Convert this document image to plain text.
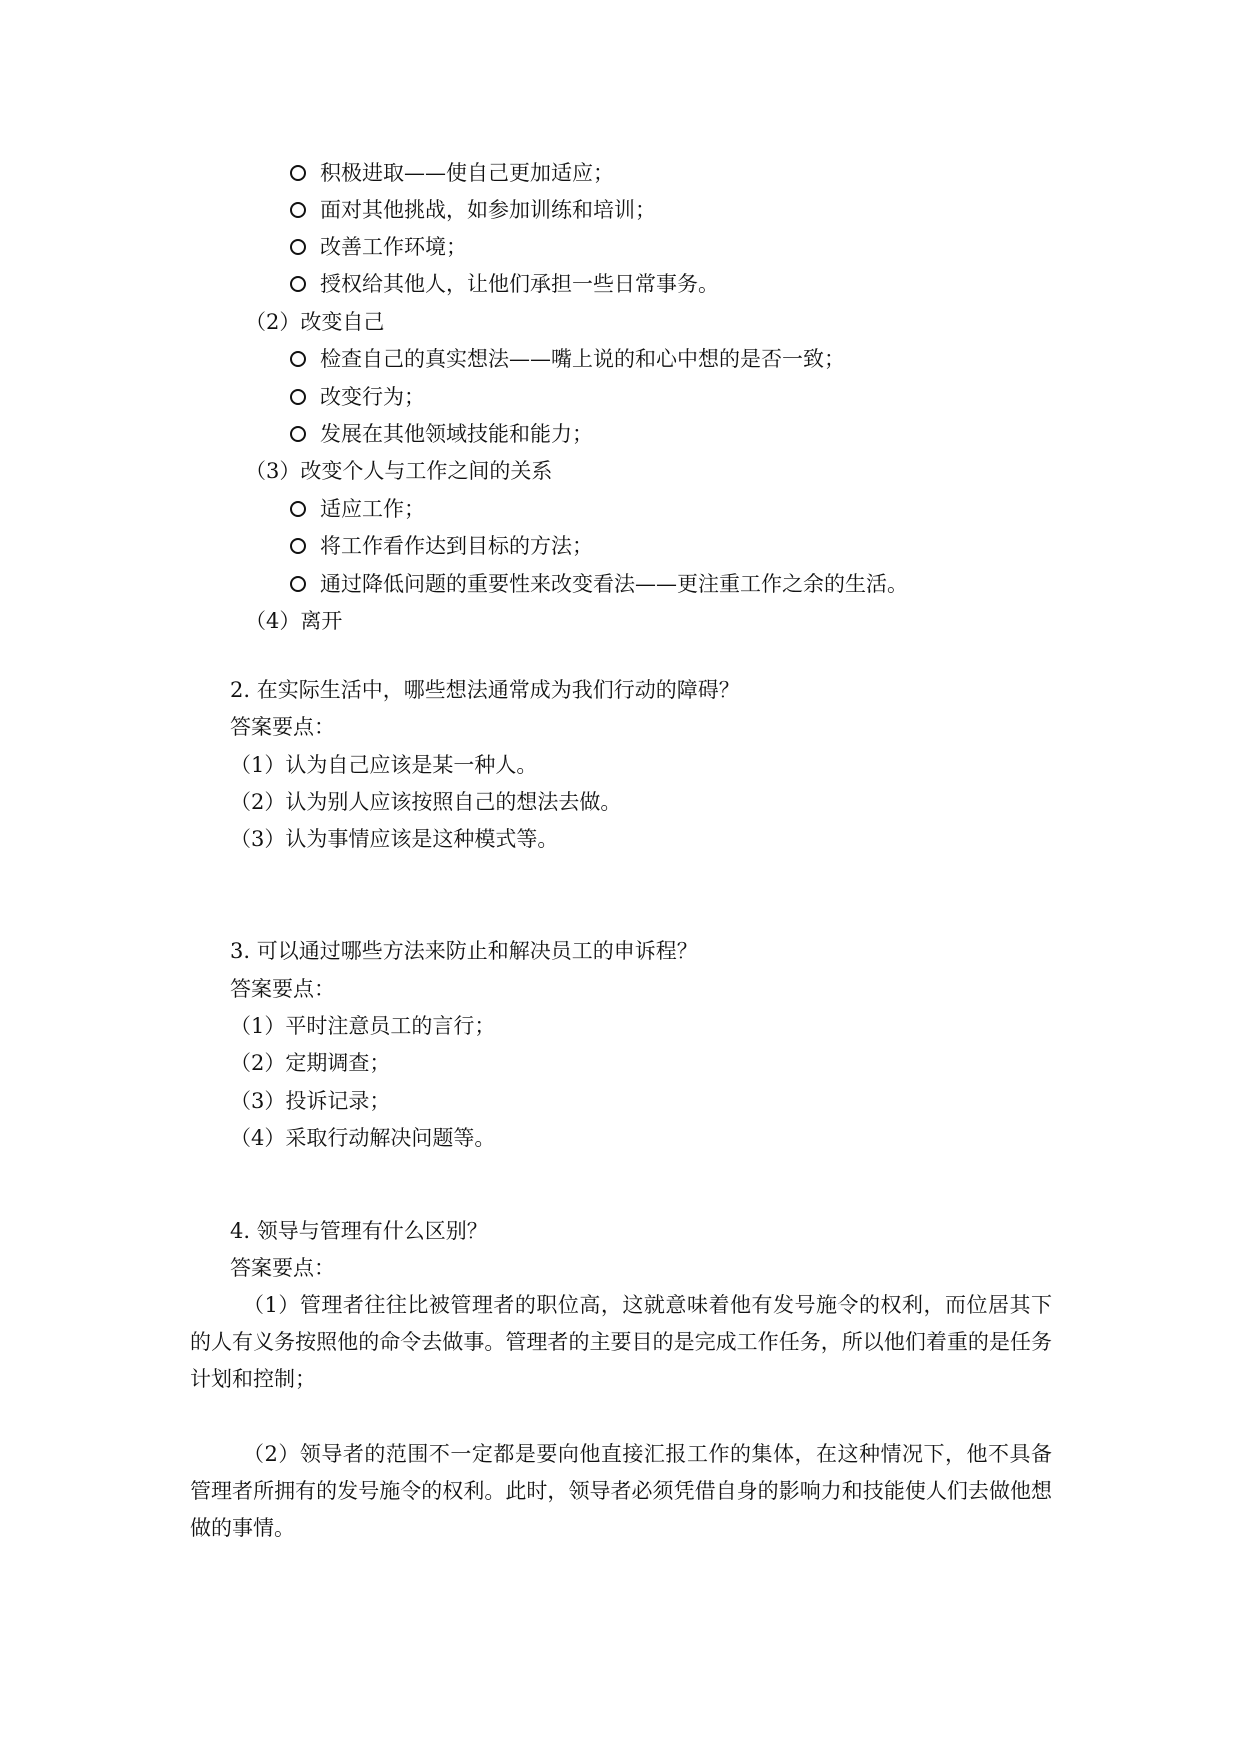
积极进取——使自己更加适应；
面对其他挑战，如参加训练和培训；
改善工作环境；
授权给其他人，让他们承担一些日常事务。
（2）改变自己
检查自己的真实想法——嘴上说的和心中想的是否一致；
改变行为；
发展在其他领域技能和能力；
（3）改变个人与工作之间的关系
适应工作；
将工作看作达到目标的方法；
通过降低问题的重要性来改变看法——更注重工作之余的生活。
（4）离开
2. 在实际生活中，哪些想法通常成为我们行动的障碍？
答案要点：
（1）认为自己应该是某一种人。
（2）认为别人应该按照自己的想法去做。
（3）认为事情应该是这种模式等。
3. 可以通过哪些方法来防止和解决员工的申诉程？
答案要点：
（1）平时注意员工的言行；
（2）定期调查；
（3）投诉记录；
（4）采取行动解决问题等。
4. 领导与管理有什么区别？
答案要点：
（1）管理者往往比被管理者的职位高，这就意味着他有发号施令的权利，而位居其下的人有义务按照他的命令去做事。管理者的主要目的是完成工作任务，所以他们着重的是任务计划和控制；
（2）领导者的范围不一定都是要向他直接汇报工作的集体，在这种情况下，他不具备管理者所拥有的发号施令的权利。此时，领导者必须凭借自身的影响力和技能使人们去做他想做的事情。
